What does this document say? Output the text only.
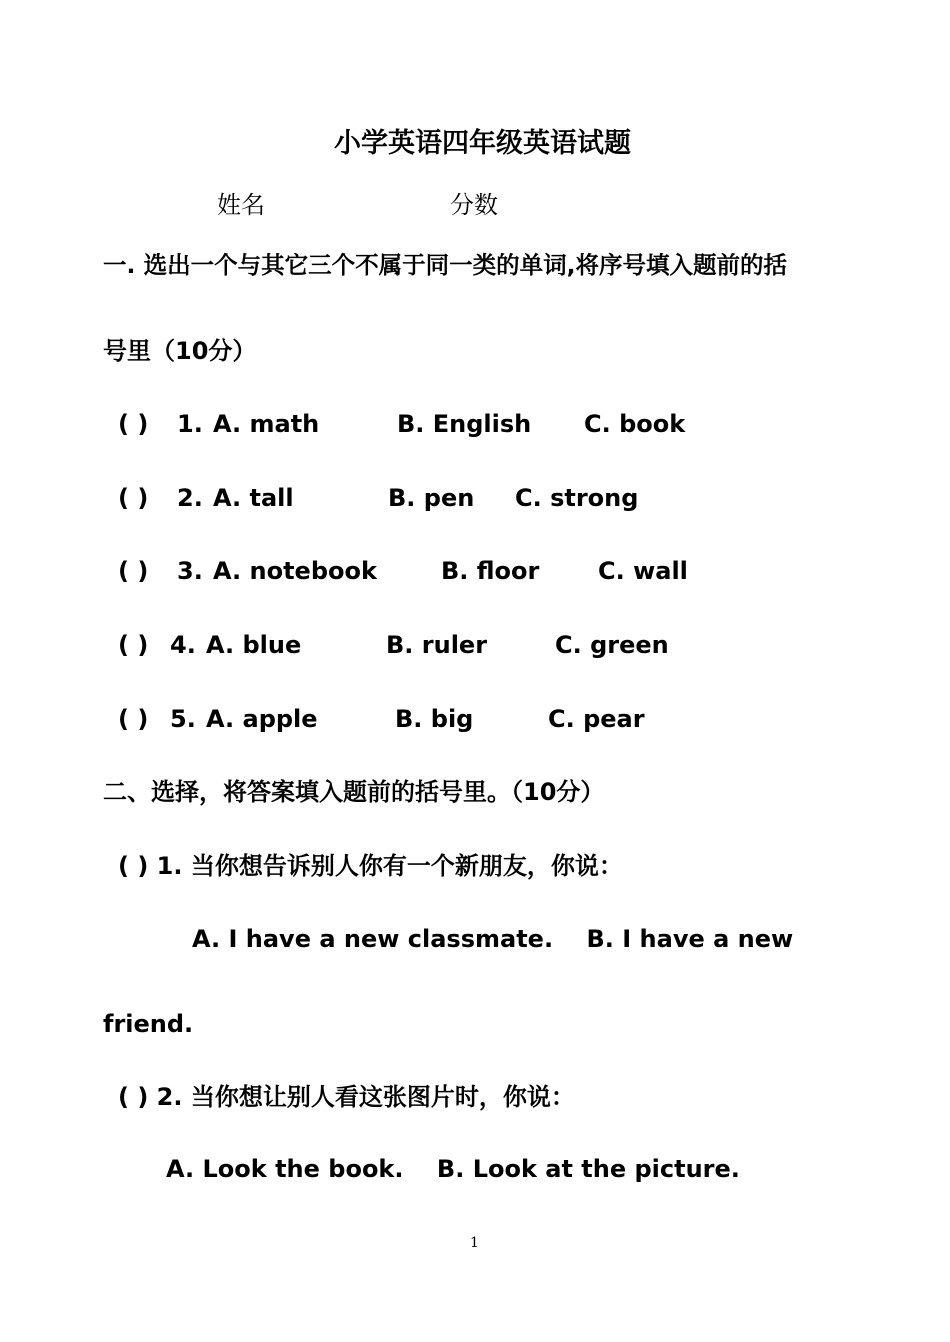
小学英语四年级英语试题
姓名	分数
一. 选出一个与其它三个不属于同一类的单词,将序号填入题前的括
号里（10分）
( ) 1. A. math	B. English C. book
( ) 2. A. tall	B. pen C. strong
( ) 3. A. notebook	B. floor C. wall
( ) 4. A. blue	B. ruler	C. green
( ) 5. A. apple	B. big	C. pear
二、选择，将答案填入题前的括号里。（10分）
( ) 1. 当你想告诉别人你有一个新朋友，你说：
A. I have a new classmate.    B. I have a new
friend.
( ) 2. 当你想让别人看这张图片时，你说：
A. Look the book.    B. Look at the picture.
1
